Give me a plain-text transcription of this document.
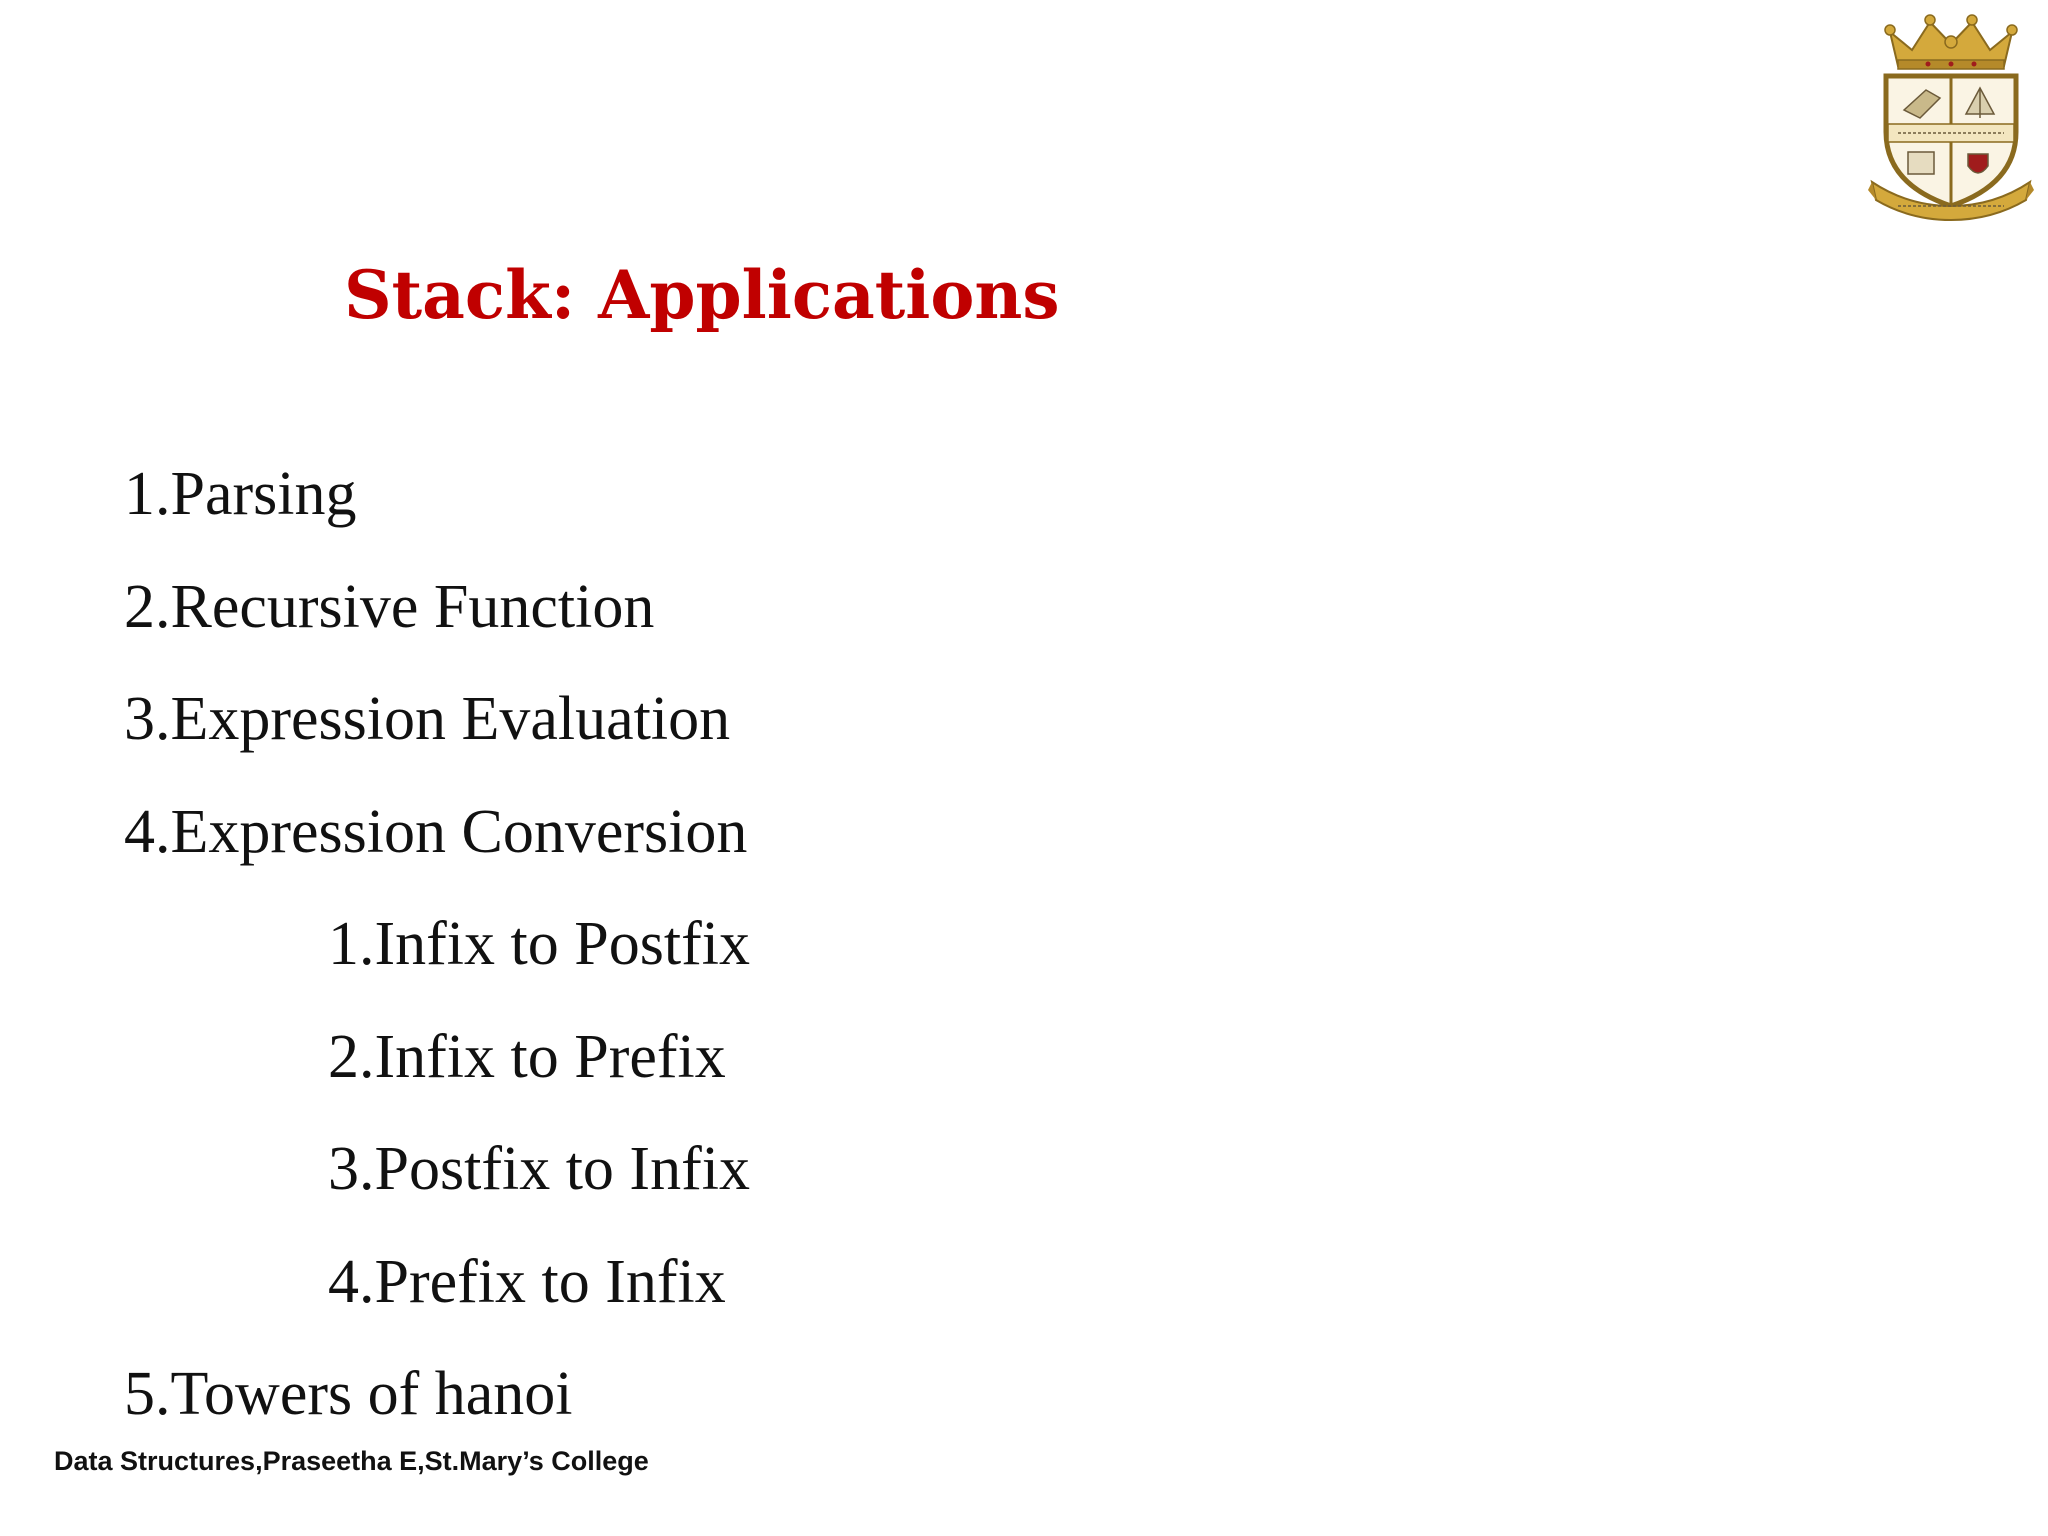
Stack: Applications
1.Parsing
2.Recursive Function
3.Expression Evaluation
4.Expression Conversion
1.Infix to Postfix
2.Infix to Prefix
3.Postfix to Infix
4.Prefix to Infix
5.Towers of hanoi
Data Structures,Praseetha E,St.Mary’s College
